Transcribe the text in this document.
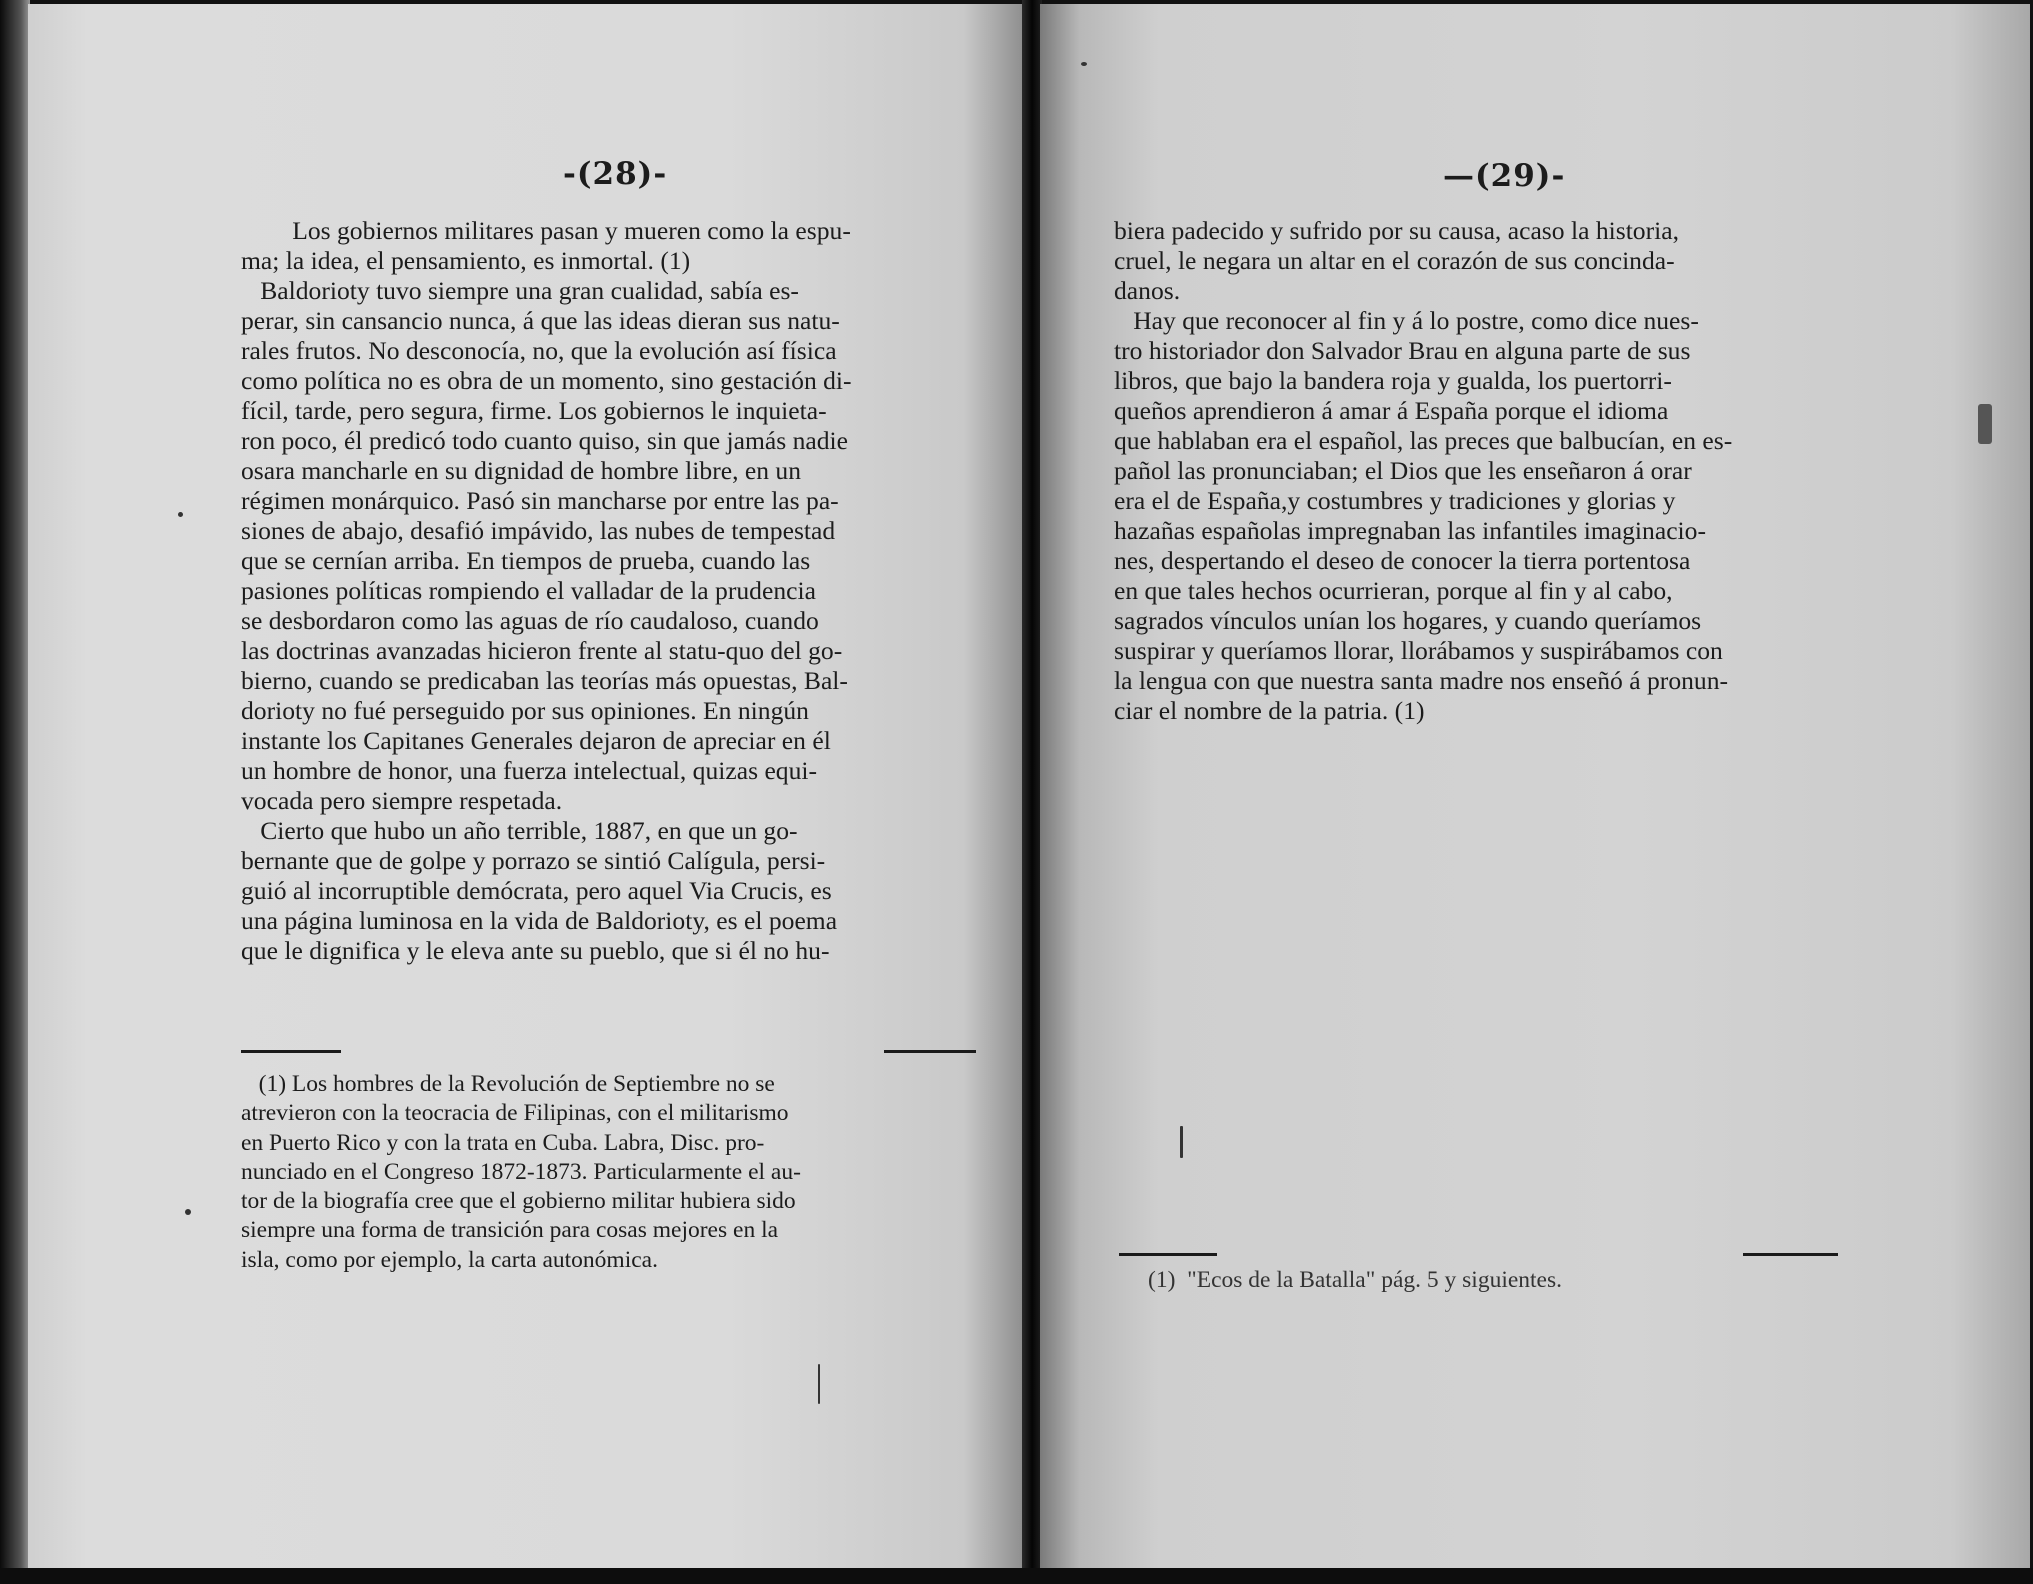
-(28)-
Los gobiernos militares pasan y mueren como la espu-
ma; la idea, el pensamiento, es inmortal. (1)
Baldorioty tuvo siempre una gran cualidad, sabía es-
perar, sin cansancio nunca, á que las ideas dieran sus natu-
rales frutos. No desconocía, no, que la evolución así física
como política no es obra de un momento, sino gestación di-
fícil, tarde, pero segura, firme. Los gobiernos le inquieta-
ron poco, él predicó todo cuanto quiso, sin que jamás nadie
osara mancharle en su dignidad de hombre libre, en un
régimen monárquico. Pasó sin mancharse por entre las pa-
siones de abajo, desafió impávido, las nubes de tempestad
que se cernían arriba. En tiempos de prueba, cuando las
pasiones políticas rompiendo el valladar de la prudencia
se desbordaron como las aguas de río caudaloso, cuando
las doctrinas avanzadas hicieron frente al statu-quo del go-
bierno, cuando se predicaban las teorías más opuestas, Bal-
dorioty no fué perseguido por sus opiniones. En ningún
instante los Capitanes Generales dejaron de apreciar en él
un hombre de honor, una fuerza intelectual, quizas equi-
vocada pero siempre respetada.
Cierto que hubo un año terrible, 1887, en que un go-
bernante que de golpe y porrazo se sintió Calígula, persi-
guió al incorruptible demócrata, pero aquel Via Crucis, es
una página luminosa en la vida de Baldorioty, es el poema
que le dignifica y le eleva ante su pueblo, que si él no hu-
(1) Los hombres de la Revolución de Septiembre no se
atrevieron con la teocracia de Filipinas, con el militarismo
en Puerto Rico y con la trata en Cuba. Labra, Disc. pro-
nunciado en el Congreso 1872-1873. Particularmente el au-
tor de la biografía cree que el gobierno militar hubiera sido
siempre una forma de transición para cosas mejores en la
isla, como por ejemplo, la carta autonómica.
—(29)-
biera padecido y sufrido por su causa, acaso la historia,
cruel, le negara un altar en el corazón de sus concinda-
danos.
Hay que reconocer al fin y á lo postre, como dice nues-
tro historiador don Salvador Brau en alguna parte de sus
libros, que bajo la bandera roja y gualda, los puertorri-
queños aprendieron á amar á España porque el idioma
que hablaban era el español, las preces que balbucían, en es-
pañol las pronunciaban; el Dios que les enseñaron á orar
era el de España,y costumbres y tradiciones y glorias y
hazañas españolas impregnaban las infantiles imaginacio-
nes, despertando el deseo de conocer la tierra portentosa
en que tales hechos ocurrieran, porque al fin y al cabo,
sagrados vínculos unían los hogares, y cuando queríamos
suspirar y queríamos llorar, llorábamos y suspirábamos con
la lengua con que nuestra santa madre nos enseñó á pronun-
ciar el nombre de la patria. (1)
(1)  "Ecos de la Batalla" pág. 5 y siguientes.
